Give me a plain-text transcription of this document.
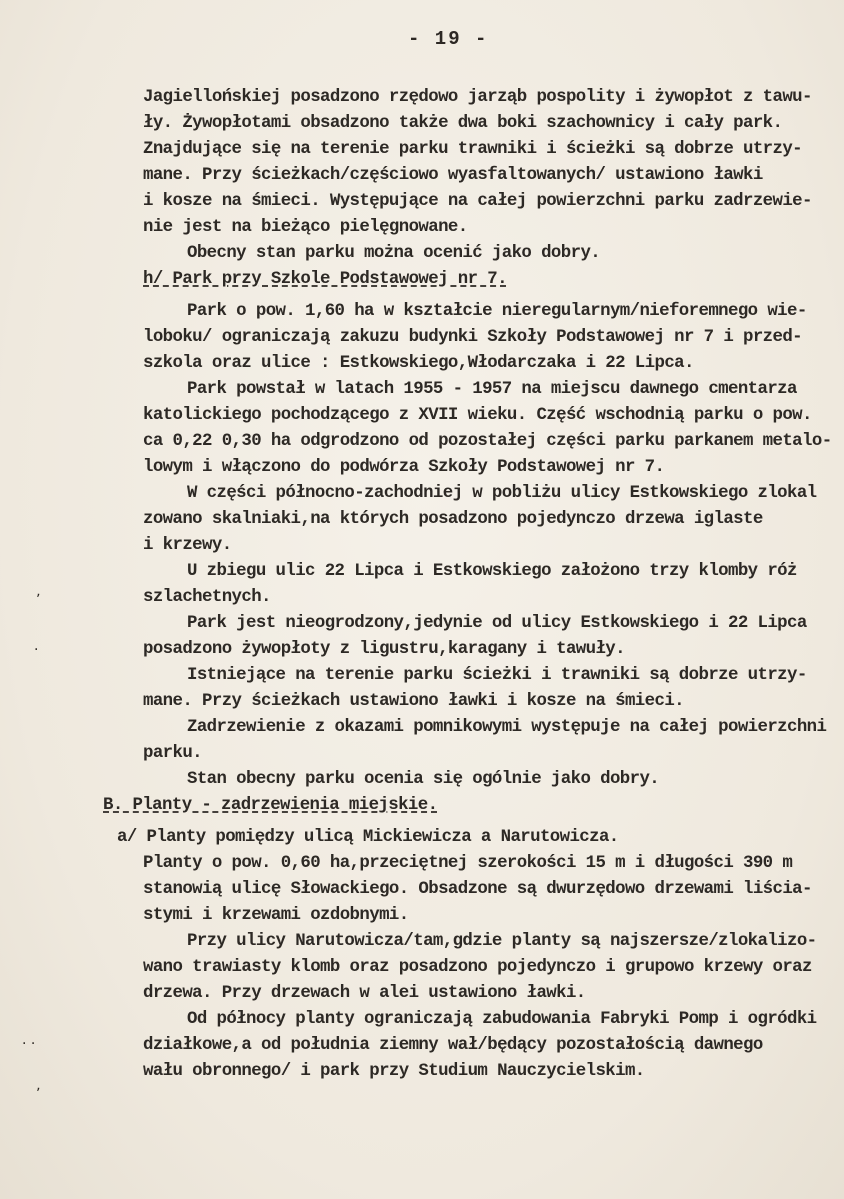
- 19 -
Jagiellońskiej posadzono rzędowo jarząb pospolity i żywopłot z tawu-
ły. Żywopłotami obsadzono także dwa boki szachownicy i cały park.
Znajdujące się na terenie parku trawniki i ścieżki są dobrze utrzy-
mane. Przy ścieżkach/częściowo wyasfaltowanych/ ustawiono ławki
i kosze na śmieci. Występujące na całej powierzchni parku zadrzewie-
nie jest na bieżąco pielęgnowane.
Obecny stan parku można ocenić jako dobry.
h/ Park przy Szkole Podstawowej nr 7.
Park o pow. 1,60 ha w kształcie nieregularnym/nieforemnego wie-
loboku/ ograniczają zakuzu budynki Szkoły Podstawowej nr 7 i przed-
szkola oraz ulice : Estkowskiego,Włodarczaka i 22 Lipca.
Park powstał w latach 1955 - 1957 na miejscu dawnego cmentarza
katolickiego pochodzącego z XVII wieku. Część wschodnią parku o pow.
ca 0,22 0,30 ha odgrodzono od pozostałej części parku parkanem metalo-
lowym i włączono do podwórza Szkoły Podstawowej nr 7.
W części północno-zachodniej w pobliżu ulicy Estkowskiego zlokal
zowano skalniaki,na których posadzono pojedynczo drzewa iglaste
i krzewy.
U zbiegu ulic 22 Lipca i Estkowskiego założono trzy klomby róż
szlachetnych.
Park jest nieogrodzony,jedynie od ulicy Estkowskiego i 22 Lipca
posadzono żywopłoty z ligustru,karagany i tawuły.
Istniejące na terenie parku ścieżki i trawniki są dobrze utrzy-
mane. Przy ścieżkach ustawiono ławki i kosze na śmieci.
Zadrzewienie z okazami pomnikowymi występuje na całej powierzchni
parku.
Stan obecny parku ocenia się ogólnie jako dobry.
B. Planty - zadrzewienia miejskie.
a/ Planty pomiędzy ulicą Mickiewicza a Narutowicza.
Planty o pow. 0,60 ha,przeciętnej szerokości 15 m i długości 390 m
stanowią ulicę Słowackiego. Obsadzone są dwurzędowo drzewami liścia-
stymi i krzewami ozdobnymi.
Przy ulicy Narutowicza/tam,gdzie planty są najszersze/zlokalizo-
wano trawiasty klomb oraz posadzono pojedynczo i grupowo krzewy oraz
drzewa. Przy drzewach w alei ustawiono ławki.
Od północy planty ograniczają zabudowania Fabryki Pomp i ogródki
działkowe,a od południa ziemny wał/będący pozostałością dawnego
wału obronnego/ i park przy Studium Nauczycielskim.
ʼ
·
· ·
ʼ
